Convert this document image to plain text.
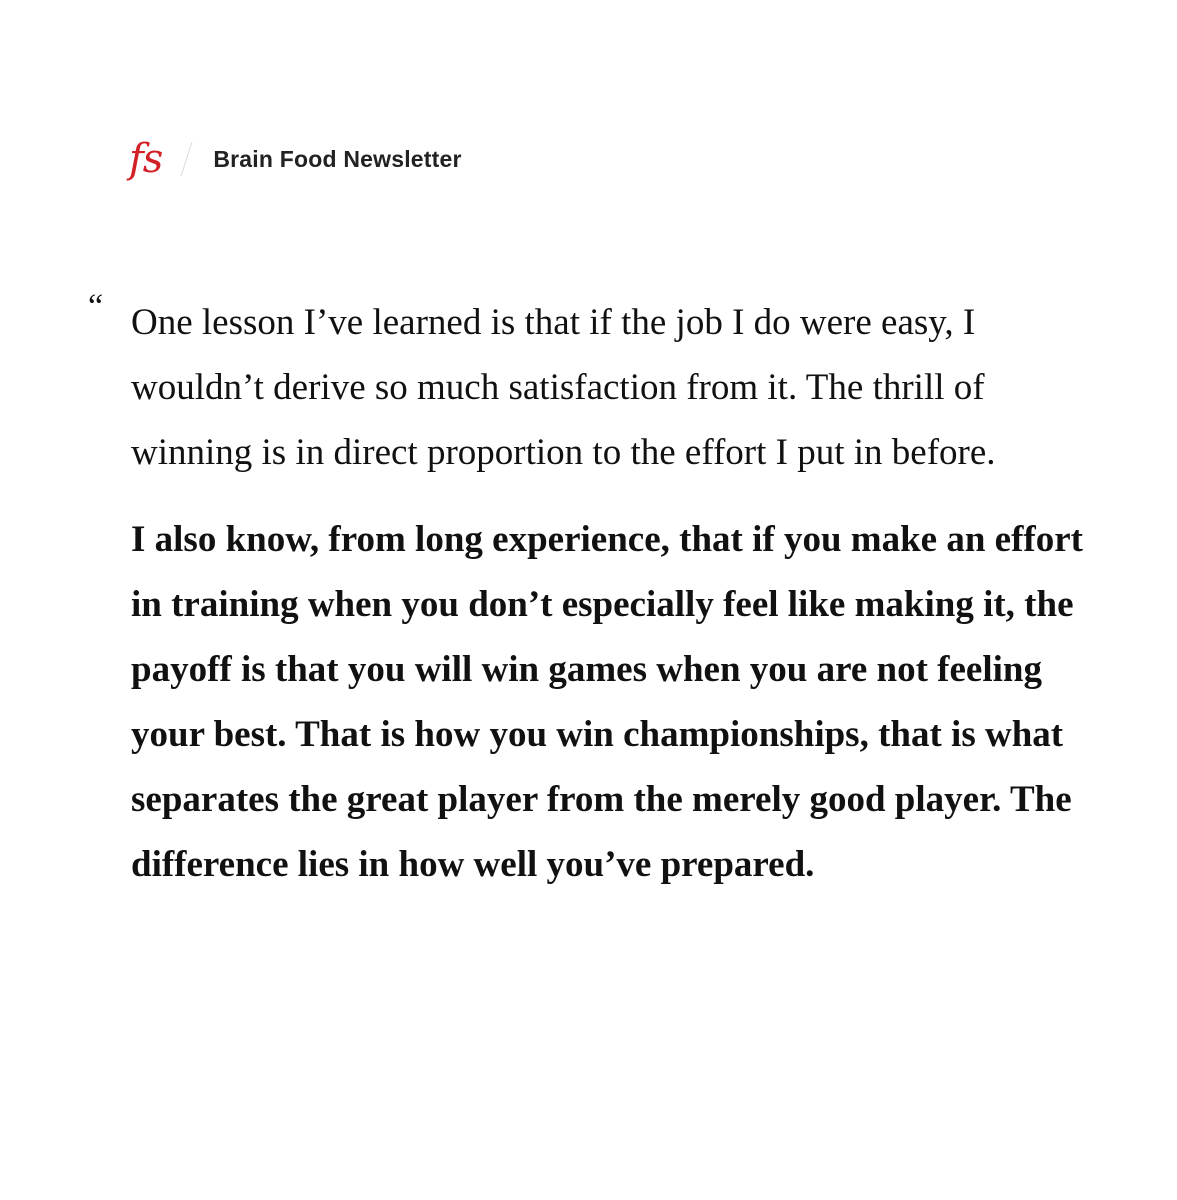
fs Brain Food Newsletter
“ One lesson I’ve learned is that if the job I do were easy, I wouldn’t derive so much satisfaction from it. The thrill of winning is in direct proportion to the effort I put in before.

I also know, from long experience, that if you make an effort in training when you don’t especially feel like making it, the payoff is that you will win games when you are not feeling your best. That is how you win championships, that is what separates the great player from the merely good player. The difference lies in how well you’ve prepared.
